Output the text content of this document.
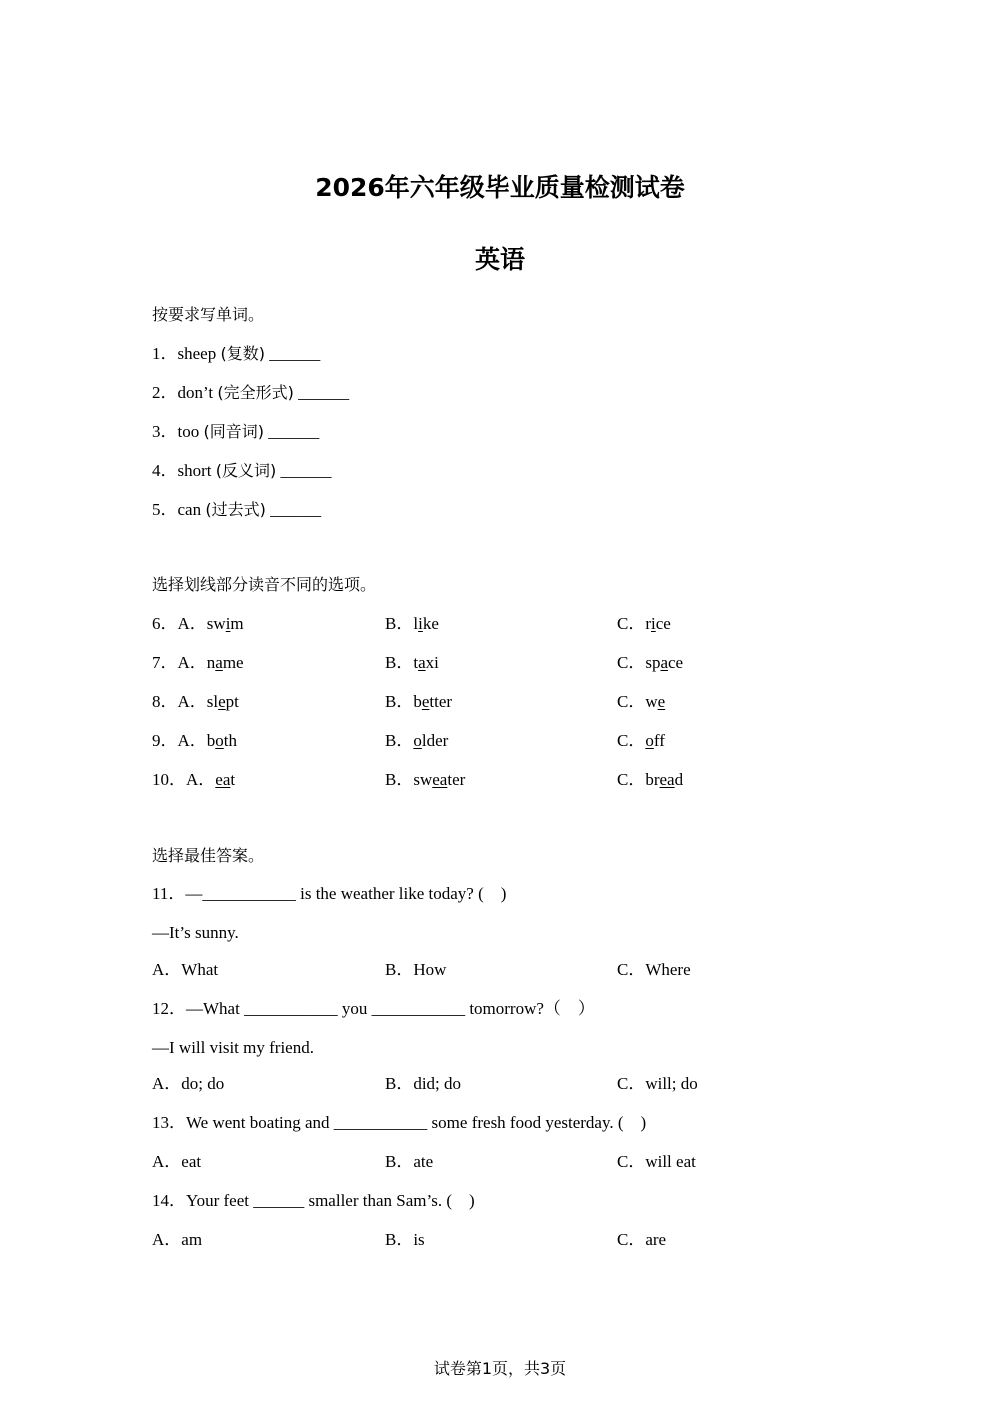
2026年六年级毕业质量检测试卷
英语
按要求写单词。
1．sheep (复数) ______
2．don’t (完全形式) ______
3．too (同音词) ______
4．short (反义词) ______
5．can (过去式) ______
选择划线部分读音不同的选项。
6．A．swim	B．like	C．rice
7．A．name	B．taxi	C．space
8．A．slept	B．better	C．we
9．A．both	B．older	C．off
10．A．eat	B．sweater	C．bread
选择最佳答案。
11．—___________ is the weather like today? (　)
—It’s sunny.
A．What	B．How	C．Where
12．—What ___________ you ___________ tomorrow?（　）
—I will visit my friend.
A．do; do	B．did; do	C．will; do
13．We went boating and ___________ some fresh food yesterday. (　)
A．eat	B．ate	C．will eat
14．Your feet ______ smaller than Sam’s. (　)
A．am	B．is	C．are
试卷第1页，共3页
